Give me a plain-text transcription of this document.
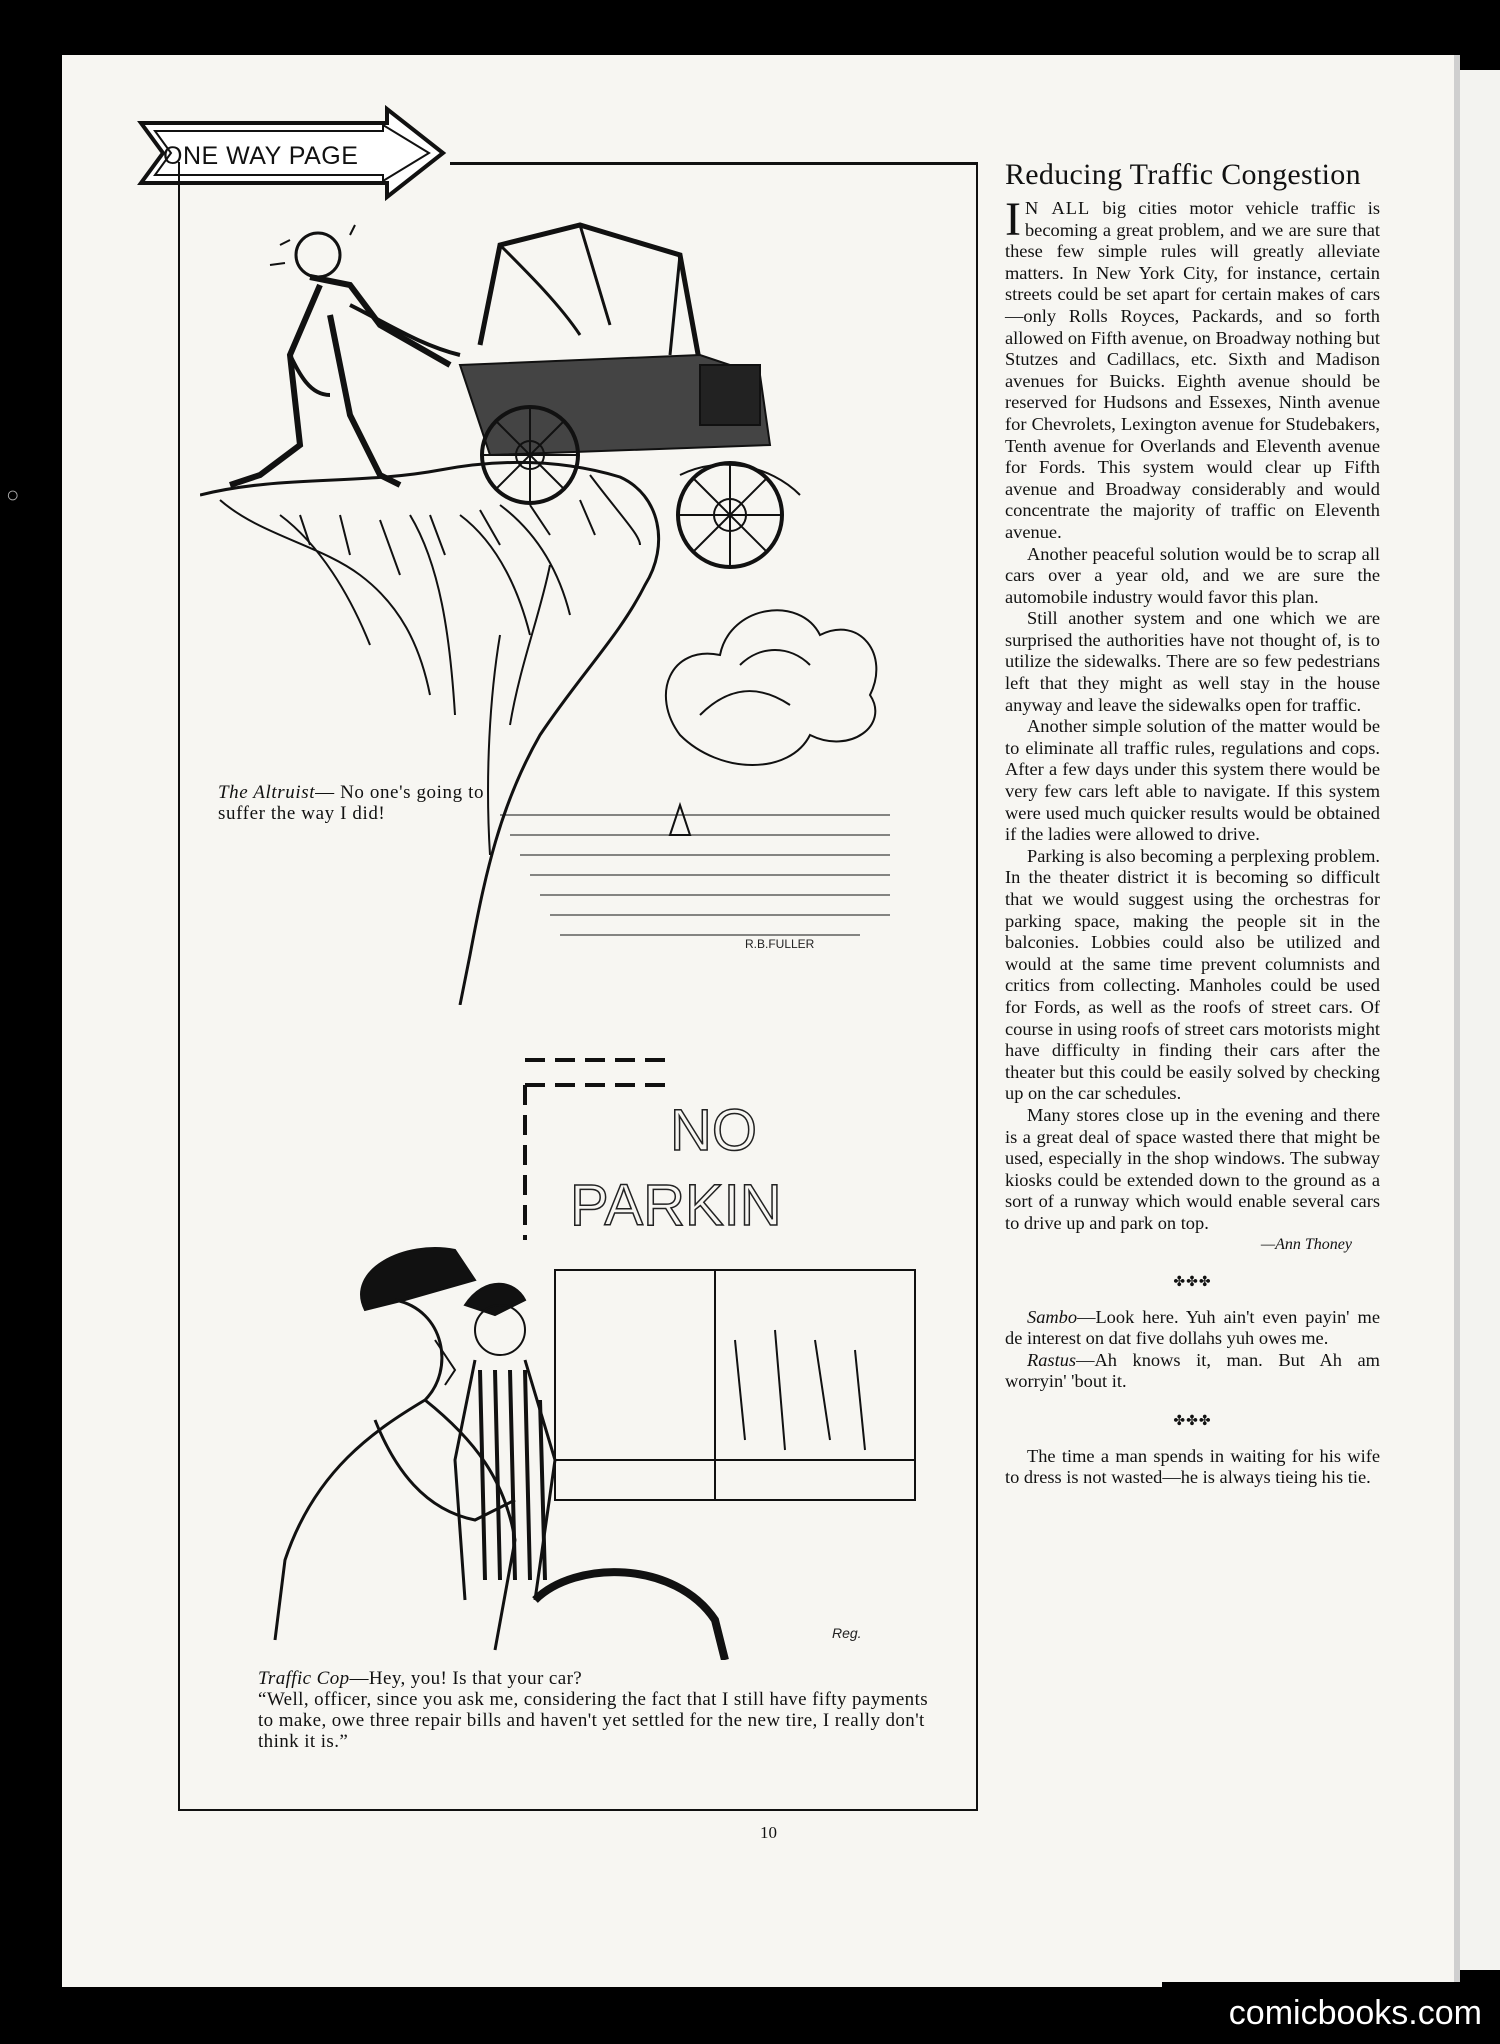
○
ONE WAY PAGE
The Altruist— No one's going to suffer the way I did!
R.B.FULLER
NO
PARKIN
Reg.

Traffic Cop—Hey, you! Is that your car?

“Well, officer, since you ask me, considering the fact that I still have fifty payments to make, owe three repair bills and haven't yet settled for the new tire, I really don't think it is.”

10
Reducing Traffic Congestion

I N ALL big cities motor vehicle traffic is becoming a great problem, and we are sure that these few simple rules will greatly alleviate matters. In New York City, for instance, certain streets could be set apart for certain makes of cars—only Rolls Royces, Packards, and so forth allowed on Fifth avenue, on Broadway nothing but Stutzes and Cadillacs, etc. Sixth and Madison avenues for Buicks. Eighth avenue should be reserved for Hudsons and Essexes, Ninth avenue for Chevrolets, Lexington avenue for Studebakers, Tenth avenue for Overlands and Eleventh avenue for Fords. This system would clear up Fifth avenue and Broadway considerably and would concentrate the majority of traffic on Eleventh avenue.

Another peaceful solution would be to scrap all cars over a year old, and we are sure the automobile industry would favor this plan.

Still another system and one which we are surprised the authorities have not thought of, is to utilize the sidewalks. There are so few pedestrians left that they might as well stay in the house anyway and leave the sidewalks open for traffic.

Another simple solution of the matter would be to eliminate all traffic rules, regulations and cops. After a few days under this system there would be very few cars left able to navigate. If this system were used much quicker results would be obtained if the ladies were allowed to drive.

Parking is also becoming a perplexing problem. In the theater district it is becoming so difficult that we would suggest using the orchestras for parking space, making the people sit in the balconies. Lobbies could also be utilized and would at the same time prevent columnists and critics from collecting. Manholes could be used for Fords, as well as the roofs of street cars. Of course in using roofs of street cars motorists might have difficulty in finding their cars after the theater but this could be easily solved by checking up on the car schedules.

Many stores close up in the evening and there is a great deal of space wasted there that might be used, especially in the shop windows. The subway kiosks could be extended down to the ground as a sort of a runway which would enable several cars to drive up and park on top.

—Ann Thoney
✤✤✤

Sambo—Look here. Yuh ain't even payin' me de interest on dat five dollahs yuh owes me.

Rastus—Ah knows it, man. But Ah am worryin' 'bout it.

✤✤✤

The time a man spends in waiting for his wife to dress is not wasted—he is always tieing his tie.

comicbooks.com
